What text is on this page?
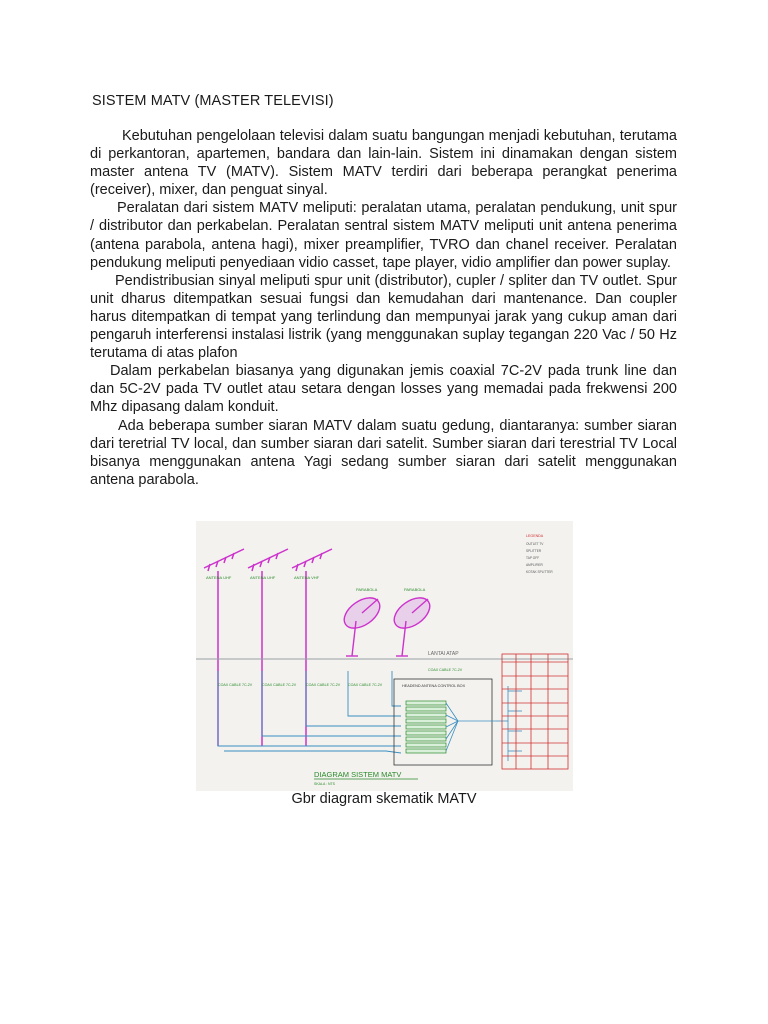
SISTEM MATV (MASTER TELEVISI)

Kebutuhan pengelolaan televisi dalam suatu bangungan menjadi kebutuhan, terutama di perkantoran, apartemen, bandara dan lain-lain. Sistem ini dinamakan dengan sistem master antena TV (MATV). Sistem MATV terdiri dari beberapa perangkat penerima (receiver), mixer, dan penguat sinyal.

Peralatan dari sistem MATV meliputi: peralatan utama, peralatan pendukung, unit spur / distributor dan perkabelan. Peralatan sentral sistem MATV meliputi unit antena penerima (antena parabola, antena hagi), mixer preamplifier, TVRO dan chanel receiver. Peralatan pendukung meliputi penyediaan vidio casset, tape player, vidio amplifier dan power suplay.

Pendistribusian sinyal meliputi spur unit (distributor), cupler / spliter dan TV outlet. Spur unit dharus ditempatkan sesuai fungsi dan kemudahan dari mantenance. Dan coupler harus ditempatkan di tempat yang terlindung dan mempunyai jarak yang cukup aman dari pengaruh interferensi instalasi listrik (yang menggunakan suplay tegangan 220 Vac / 50 Hz terutama di atas plafon

Dalam perkabelan biasanya yang digunakan jemis coaxial 7C-2V pada trunk line dan dan 5C-2V pada TV outlet atau setara dengan losses yang memadai pada frekwensi 200 Mhz dipasang dalam konduit.

Ada beberapa sumber siaran MATV dalam suatu gedung, diantaranya: sumber siaran dari teretrial TV local, dan sumber siaran dari satelit. Sumber siaran dari terestrial TV Local bisanya menggunakan antena Yagi sedang sumber siaran dari satelit menggunakan antena parabola.

ANTENA UHF	ANTENA UHF	ANTENA VHF
PARABOLA	PARABOLA
LANTAI ATAP
COAX CABLE 7C-2V	COAX CABLE 7C-2V	COAX CABLE 7C-2V COAX CABLE 7C-2V
COAX CABLE 7C-2V
HEADEND ANTENA CONTROL BOX
LEGENDA
OUTLET TV
SPLITTER
TAP OFF
AMPLIFIER
KOTAK SPLITTER
DIAGRAM SISTEM MATV
SKALA : NTS
Gbr diagram skematik MATV
